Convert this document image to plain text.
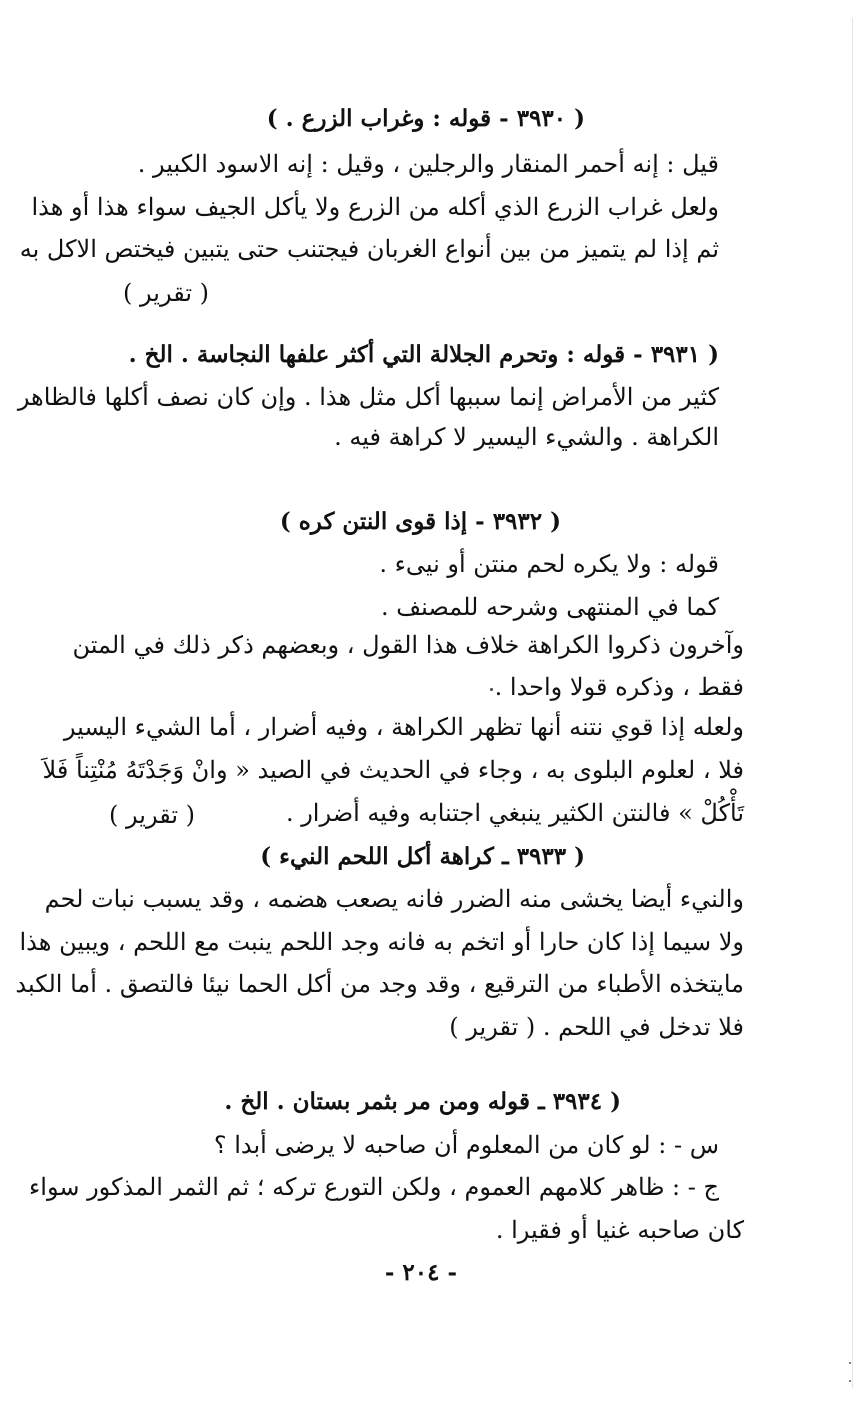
( ٣٩٣٠ - قوله : وغراب الزرع . )
قيل : إنه أحمر المنقار والرجلين ، وقيل : إنه الاسود الكبير .
ولعل غراب الزرع الذي أكله من الزرع ولا يأكل الجيف سواء هذا أو هذا
ثم إذا لم يتميز من بين أنواع الغربان فيجتنب حتى يتبين فيختص الاكل به
( تقرير )
( ٣٩٣١ - قوله : وتحرم الجلالة التي أكثر علفها النجاسة . الخ .
كثير من الأمراض إنما سببها أكل مثل هذا . وإن كان نصف أكلها فالظاهر
الكراهة . والشيء اليسير لا كراهة فيه .
( ٣٩٣٢ - إذا قوى النتن كره )
قوله : ولا يكره لحم منتن أو نيىء .
كما في المنتهى وشرحه للمصنف .
وآخرون ذكروا الكراهة خلاف هذا القول ، وبعضهم ذكر ذلك في المتن
فقط ، وذكره قولا واحدا .
ولعله إذا قوي نتنه أنها تظهر الكراهة ، وفيه أضرار ، أما الشيء اليسير
فلا ، لعلوم البلوى به ، وجاء في الحديث في الصيد « وانْ وَجَدْتَهُ مُنْتِناً فَلاَ
تَأْكُلْ » فالنتن الكثير ينبغي اجتنابه وفيه أضرار .
( تقرير )
( ٣٩٣٣ ـ كراهة أكل اللحم النيء )
والنيء أيضا يخشى منه الضرر فانه يصعب هضمه ، وقد يسبب نبات لحم
ولا سيما إذا كان حارا أو اتخم به فانه وجد اللحم ينبت مع اللحم ، ويبين هذا
مايتخذه الأطباء من الترقيع ، وقد وجد من أكل الحما نيئا فالتصق . أما الكبد
فلا تدخل في اللحم . ( تقرير )
( ٣٩٣٤ ـ قوله ومن مر بثمر بستان . الخ .
س - : لو كان من المعلوم أن صاحبه لا يرضى أبدا ؟
ج - : ظاهر كلامهم العموم ، ولكن التورع تركه ؛ ثم الثمر المذكور سواء
كان صاحبه غنيا أو فقيرا .
- ٢٠٤ -
